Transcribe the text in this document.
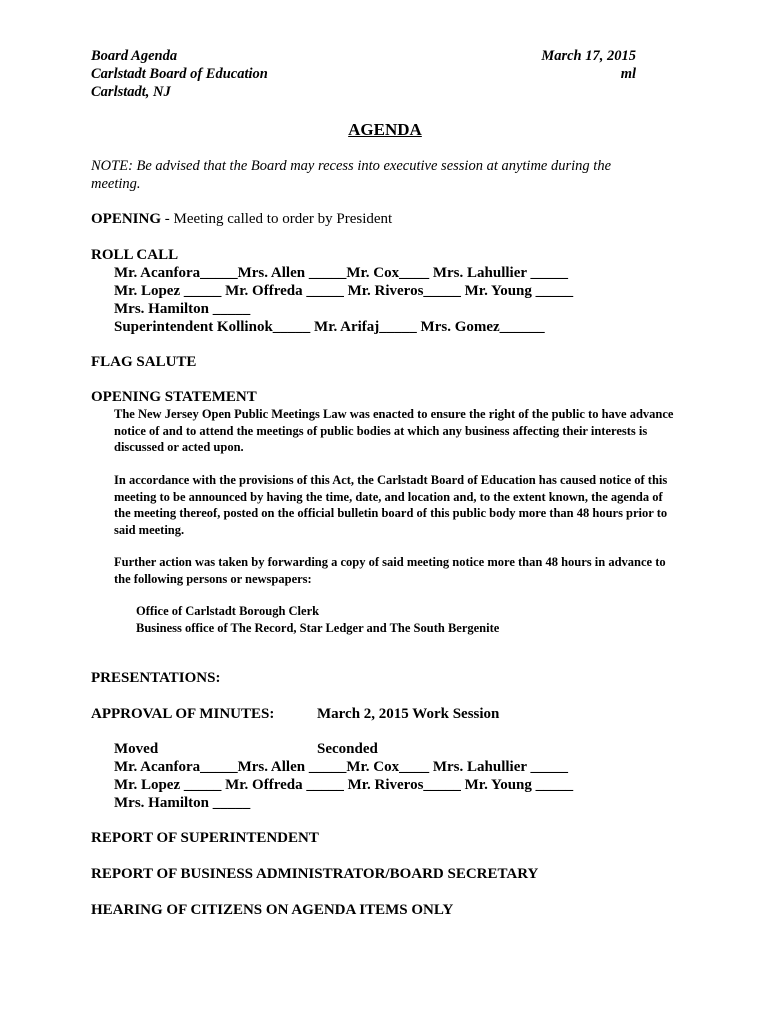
Board Agenda
Carlstadt Board of Education
Carlstadt, NJ
March 17, 2015
ml
AGENDA
NOTE: Be advised that the Board may recess into executive session at anytime during the meeting.
OPENING - Meeting called to order by President
ROLL CALL
Mr. Acanfora_____Mrs. Allen _____Mr. Cox____ Mrs. Lahullier _____
Mr. Lopez _____ Mr. Offreda _____ Mr. Riveros_____ Mr. Young _____
Mrs. Hamilton _____
Superintendent Kollinok_____ Mr. Arifaj_____ Mrs. Gomez______
FLAG SALUTE
OPENING STATEMENT
The New Jersey Open Public Meetings Law was enacted to ensure the right of the public to have advance notice of and to attend the meetings of public bodies at which any business affecting their interests is discussed or acted upon.
In accordance with the provisions of this Act, the Carlstadt Board of Education has caused notice of this meeting to be announced by having the time, date, and location and, to the extent known, the agenda of the meeting thereof, posted on the official bulletin board of this public body more than 48 hours prior to said meeting.
Further action was taken by forwarding a copy of said meeting notice more than 48 hours in advance to the following persons or newspapers:
Office of Carlstadt Borough Clerk
Business office of The Record, Star Ledger and The South Bergenite
PRESENTATIONS:
APPROVAL OF MINUTES:	March 2, 2015 Work Session
Moved	Seconded
Mr. Acanfora_____Mrs. Allen _____Mr. Cox____ Mrs. Lahullier _____
Mr. Lopez _____ Mr. Offreda _____ Mr. Riveros_____ Mr. Young _____
Mrs. Hamilton _____
REPORT OF SUPERINTENDENT
REPORT OF BUSINESS ADMINISTRATOR/BOARD SECRETARY
HEARING OF CITIZENS ON AGENDA ITEMS ONLY
